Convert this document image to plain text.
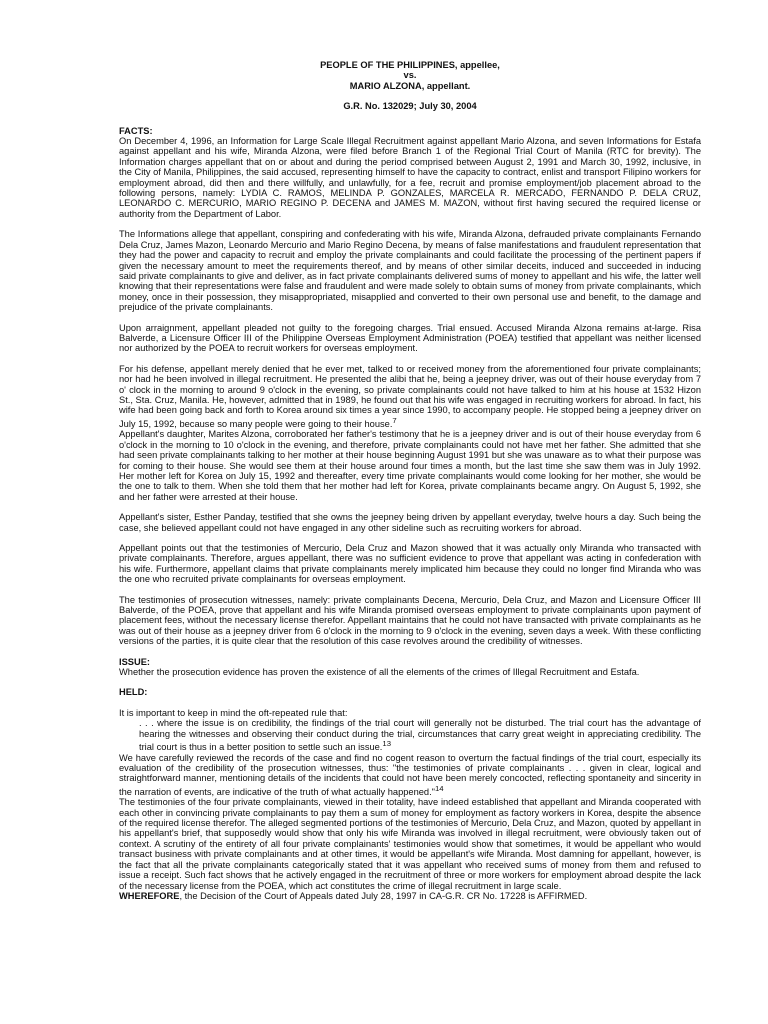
PEOPLE OF THE PHILIPPINES, appellee,
vs.
MARIO ALZONA, appellant.
G.R. No. 132029; July 30, 2004
FACTS:

On December 4, 1996, an Information for Large Scale Illegal Recruitment against appellant Mario Alzona, and seven Informations for Estafa against appellant and his wife, Miranda Alzona, were filed before Branch 1 of the Regional Trial Court of Manila (RTC for brevity). The Information charges appellant that on or about and during the period comprised between August 2, 1991 and March 30, 1992, inclusive, in the City of Manila, Philippines, the said accused, representing himself to have the capacity to contract, enlist and transport Filipino workers for employment abroad, did then and there willfully, and unlawfully, for a fee, recruit and promise employment/job placement abroad to the following persons, namely: LYDIA C. RAMOS, MELINDA P. GONZALES, MARCELA R. MERCADO, FERNANDO P. DELA CRUZ, LEONARDO C. MERCURIO, MARIO REGINO P. DECENA and JAMES M. MAZON, without first having secured the required license or authority from the Department of Labor.

The Informations allege that appellant, conspiring and confederating with his wife, Miranda Alzona, defrauded private complainants Fernando Dela Cruz, James Mazon, Leonardo Mercurio and Mario Regino Decena, by means of false manifestations and fraudulent representation that they had the power and capacity to recruit and employ the private complainants and could facilitate the processing of the pertinent papers if given the necessary amount to meet the requirements thereof, and by means of other similar deceits, induced and succeeded in inducing said private complainants to give and deliver, as in fact private complainants delivered sums of money to appellant and his wife, the latter well knowing that their representations were false and fraudulent and were made solely to obtain sums of money from private complainants, which money, once in their possession, they misappropriated, misapplied and converted to their own personal use and benefit, to the damage and prejudice of the private complainants.

Upon arraignment, appellant pleaded not guilty to the foregoing charges. Trial ensued. Accused Miranda Alzona remains at-large. Risa Balverde, a Licensure Officer III of the Philippine Overseas Employment Administration (POEA) testified that appellant was neither licensed nor authorized by the POEA to recruit workers for overseas employment.

For his defense, appellant merely denied that he ever met, talked to or received money from the aforementioned four private complainants; nor had he been involved in illegal recruitment. He presented the alibi that he, being a jeepney driver, was out of their house everyday from 7 o' clock in the morning to around 9 o'clock in the evening, so private complainants could not have talked to him at his house at 1532 Hizon St., Sta. Cruz, Manila. He, however, admitted that in 1989, he found out that his wife was engaged in recruiting workers for abroad. In fact, his wife had been going back and forth to Korea around six times a year since 1990, to accompany people. He stopped being a jeepney driver on July 15, 1992, because so many people were going to their house.$^7$

Appellant's daughter, Marites Alzona, corroborated her father's testimony that he is a jeepney driver and is out of their house everyday from 6 o'clock in the morning to 10 o'clock in the evening, and therefore, private complainants could not have met her father. She admitted that she had seen private complainants talking to her mother at their house beginning August 1991 but she was unaware as to what their purpose was for coming to their house. She would see them at their house around four times a month, but the last time she saw them was in July 1992. Her mother left for Korea on July 15, 1992 and thereafter, every time private complainants would come looking for her mother, she would be the one to talk to them. When she told them that her mother had left for Korea, private complainants became angry. On August 5, 1992, she and her father were arrested at their house.

Appellant's sister, Esther Panday, testified that she owns the jeepney being driven by appellant everyday, twelve hours a day. Such being the case, she believed appellant could not have engaged in any other sideline such as recruiting workers for abroad.

Appellant points out that the testimonies of Mercurio, Dela Cruz and Mazon showed that it was actually only Miranda who transacted with private complainants. Therefore, argues appellant, there was no sufficient evidence to prove that appellant was acting in confederation with his wife. Furthermore, appellant claims that private complainants merely implicated him because they could no longer find Miranda who was the one who recruited private complainants for overseas employment.

The testimonies of prosecution witnesses, namely: private complainants Decena, Mercurio, Dela Cruz, and Mazon and Licensure Officer III Balverde, of the POEA, prove that appellant and his wife Miranda promised overseas employment to private complainants upon payment of placement fees, without the necessary license therefor. Appellant maintains that he could not have transacted with private complainants as he was out of their house as a jeepney driver from 6 o'clock in the morning to 9 o'clock in the evening, seven days a week. With these conflicting versions of the parties, it is quite clear that the resolution of this case revolves around the credibility of witnesses.

ISSUE:

Whether the prosecution evidence has proven the existence of all the elements of the crimes of Illegal Recruitment and Estafa.

HELD:

It is important to keep in mind the oft-repeated rule that:

. . . where the issue is on credibility, the findings of the trial court will generally not be disturbed. The trial court has the advantage of hearing the witnesses and observing their conduct during the trial, circumstances that carry great weight in appreciating credibility. The trial court is thus in a better position to settle such an issue.$^{13}$

We have carefully reviewed the records of the case and find no cogent reason to overturn the factual findings of the trial court, especially its evaluation of the credibility of the prosecution witnesses, thus: "the testimonies of private complainants . . . given in clear, logical and straightforward manner, mentioning details of the incidents that could not have been merely concocted, reflecting spontaneity and sincerity in the narration of events, are indicative of the truth of what actually happened."$^{14}$

The testimonies of the four private complainants, viewed in their totality, have indeed established that appellant and Miranda cooperated with each other in convincing private complainants to pay them a sum of money for employment as factory workers in Korea, despite the absence of the required license therefor. The alleged segmented portions of the testimonies of Mercurio, Dela Cruz, and Mazon, quoted by appellant in his appellant's brief, that supposedly would show that only his wife Miranda was involved in illegal recruitment, were obviously taken out of context. A scrutiny of the entirety of all four private complainants' testimonies would show that sometimes, it would be appellant who would transact business with private complainants and at other times, it would be appellant's wife Miranda. Most damning for appellant, however, is the fact that all the private complainants categorically stated that it was appellant who received sums of money from them and refused to issue a receipt. Such fact shows that he actively engaged in the recruitment of three or more workers for employment abroad despite the lack of the necessary license from the POEA, which act constitutes the crime of illegal recruitment in large scale.

WHEREFORE, the Decision of the Court of Appeals dated July 28, 1997 in CA-G.R. CR No. 17228 is AFFIRMED.
